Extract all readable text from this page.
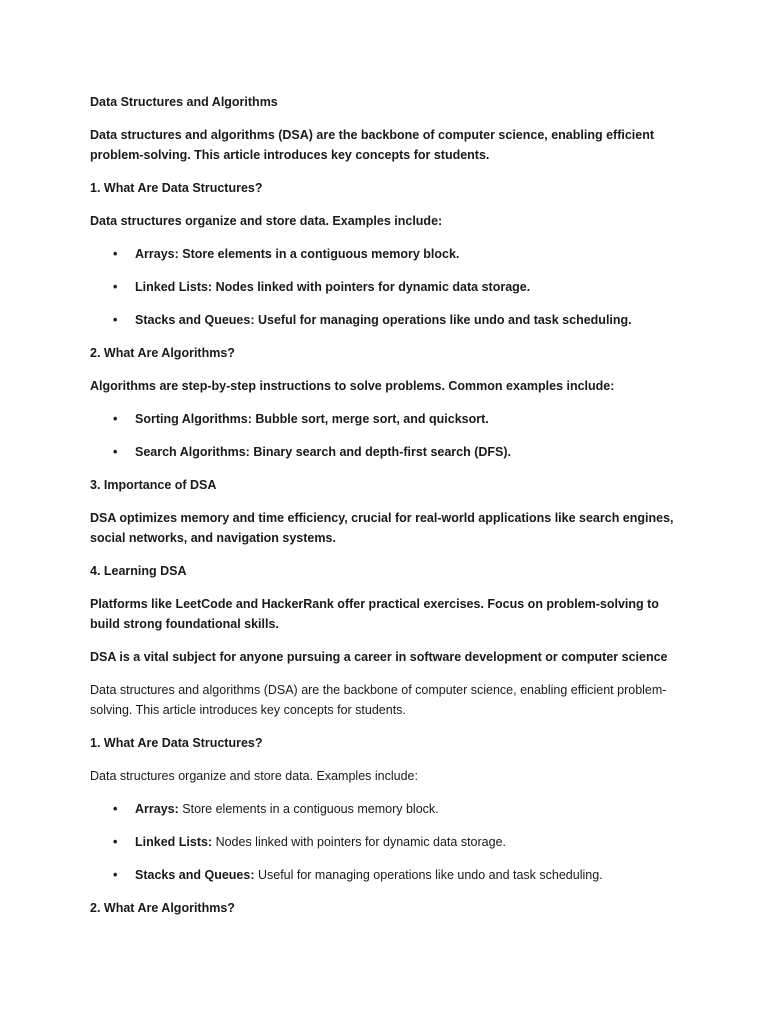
Data Structures and Algorithms

Data structures and algorithms (DSA) are the backbone of computer science, enabling efficient problem-solving. This article introduces key concepts for students.

1. What Are Data Structures?

Data structures organize and store data. Examples include:

• Arrays: Store elements in a contiguous memory block.
• Linked Lists: Nodes linked with pointers for dynamic data storage.
• Stacks and Queues: Useful for managing operations like undo and task scheduling.

2. What Are Algorithms?

Algorithms are step-by-step instructions to solve problems. Common examples include:

• Sorting Algorithms: Bubble sort, merge sort, and quicksort.
• Search Algorithms: Binary search and depth-first search (DFS).

3. Importance of DSA

DSA optimizes memory and time efficiency, crucial for real-world applications like search engines, social networks, and navigation systems.

4. Learning DSA

Platforms like LeetCode and HackerRank offer practical exercises. Focus on problem-solving to build strong foundational skills.

DSA is a vital subject for anyone pursuing a career in software development or computer science

Data structures and algorithms (DSA) are the backbone of computer science, enabling efficient problem-solving. This article introduces key concepts for students.

1. What Are Data Structures?

Data structures organize and store data. Examples include:

• Arrays: Store elements in a contiguous memory block.
• Linked Lists: Nodes linked with pointers for dynamic data storage.
• Stacks and Queues: Useful for managing operations like undo and task scheduling.

2. What Are Algorithms?
